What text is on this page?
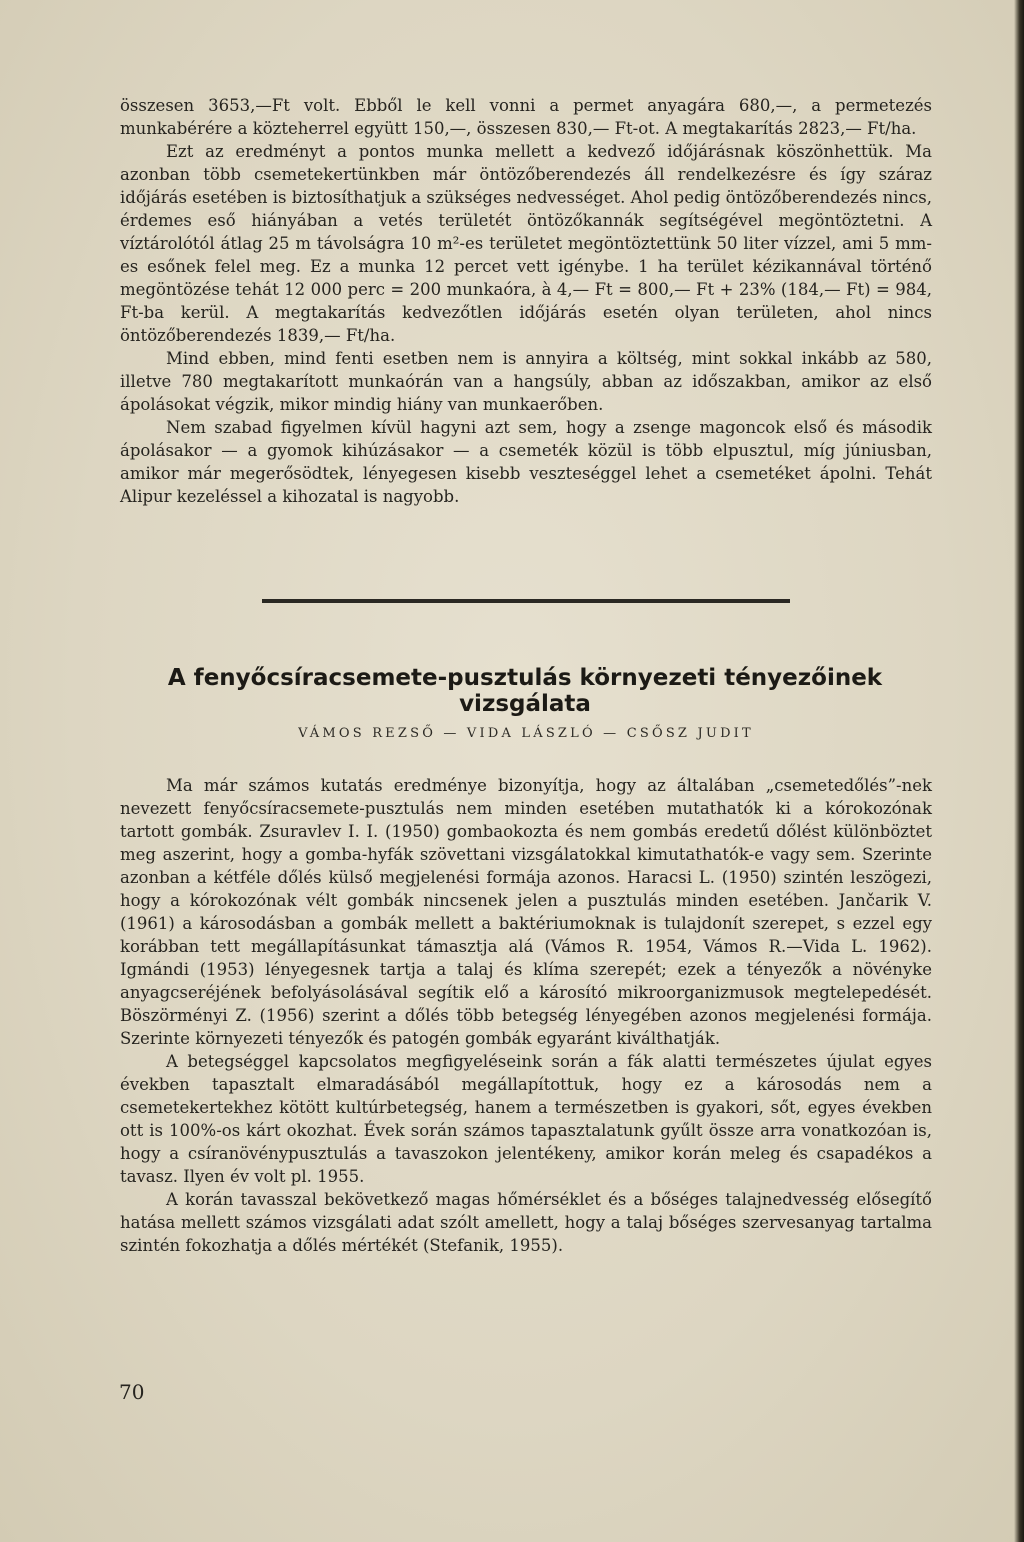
összesen 3653,—Ft volt. Ebből le kell vonni a permet anyagára 680,—, a permetezés munkabérére a közteherrel együtt 150,—, összesen 830,— Ft-ot. A megtakarítás 2823,— Ft/ha.

Ezt az eredményt a pontos munka mellett a kedvező időjárásnak köszönhettük. Ma azonban több csemetekertünkben már öntözőberendezés áll rendelkezésre és így száraz időjárás esetében is biztosíthatjuk a szükséges nedvességet. Ahol pedig öntözőberendezés nincs, érdemes eső hiányában a vetés területét öntözőkannák segítségével megöntöztetni. A víztárolótól átlag 25 m távolságra 10 m²-es területet megöntöztettünk 50 liter vízzel, ami 5 mm-es esőnek felel meg. Ez a munka 12 percet vett igénybe. 1 ha terület kézikannával történő megöntözése tehát 12 000 perc = 200 munkaóra, à 4,— Ft = 800,— Ft + 23% (184,— Ft) = 984, Ft-ba kerül. A megtakarítás kedvezőtlen időjárás esetén olyan területen, ahol nincs öntözőberendezés 1839,— Ft/ha.

Mind ebben, mind fenti esetben nem is annyira a költség, mint sokkal inkább az 580, illetve 780 megtakarított munkaórán van a hangsúly, abban az időszakban, amikor az első ápolásokat végzik, mikor mindig hiány van munkaerőben.

Nem szabad figyelmen kívül hagyni azt sem, hogy a zsenge magoncok első és második ápolásakor — a gyomok kihúzásakor — a csemeték közül is több elpusztul, míg júniusban, amikor már megerősödtek, lényegesen kisebb veszteséggel lehet a csemetéket ápolni. Tehát Alipur kezeléssel a kihozatal is nagyobb.

A fenyőcsíracsemete-pusztulás környezeti tényezőinek
vizsgálata
VÁMOS REZSŐ — VIDA LÁSZLÓ — CSŐSZ JUDIT

Ma már számos kutatás eredménye bizonyítja, hogy az általában „csemetedőlés”-nek nevezett fenyőcsíracsemete-pusztulás nem minden esetében mutathatók ki a kórokozónak tartott gombák. Zsuravlev I. I. (1950) gombaokozta és nem gombás eredetű dőlést különböztet meg aszerint, hogy a gomba-hyfák szövettani vizsgálatokkal kimutathatók-e vagy sem. Szerinte azonban a kétféle dőlés külső megjelenési formája azonos. Haracsi L. (1950) szintén leszögezi, hogy a kórokozónak vélt gombák nincsenek jelen a pusztulás minden esetében. Jančarik V. (1961) a károsodásban a gombák mellett a baktériumoknak is tulajdonít szerepet, s ezzel egy korábban tett megállapításunkat támasztja alá (Vámos R. 1954, Vámos R.—Vida L. 1962). Igmándi (1953) lényegesnek tartja a talaj és klíma szerepét; ezek a tényezők a növényke anyagcseréjének befolyásolásával segítik elő a károsító mikroorganizmusok megtelepedését. Böszörményi Z. (1956) szerint a dőlés több betegség lényegében azonos megjelenési formája. Szerinte környezeti tényezők és patogén gombák egyaránt kiválthatják.

A betegséggel kapcsolatos megfigyeléseink során a fák alatti természetes újulat egyes években tapasztalt elmaradásából megállapítottuk, hogy ez a károsodás nem a csemetekertekhez kötött kultúrbetegség, hanem a természetben is gyakori, sőt, egyes években ott is 100%-os kárt okozhat. Évek során számos tapasztalatunk gyűlt össze arra vonatkozóan is, hogy a csíranövénypusztulás a tavaszokon jelentékeny, amikor korán meleg és csapadékos a tavasz. Ilyen év volt pl. 1955.

A korán tavasszal bekövetkező magas hőmérséklet és a bőséges talajnedvesség elősegítő hatása mellett számos vizsgálati adat szólt amellett, hogy a talaj bőséges szervesanyag tartalma szintén fokozhatja a dőlés mértékét (Stefanik, 1955).

70
